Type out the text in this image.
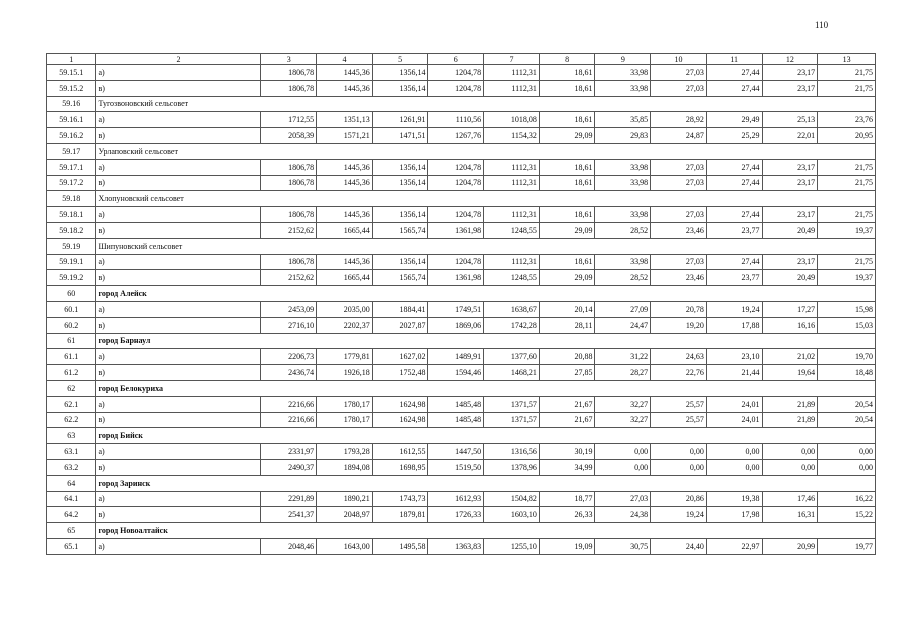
110
1	2	3	4	5	6	7	8	9	10	11	12	13
59.15.1	а)	1806,78	1445,36	1356,14	1204,78	1112,31	18,61	33,98	27,03	27,44	23,17	21,75
59.15.2	в)	1806,78	1445,36	1356,14	1204,78	1112,31	18,61	33,98	27,03	27,44	23,17	21,75
59.16	Тугозвоновский сельсовет											
59.16.1	а)	1712,55	1351,13	1261,91	1110,56	1018,08	18,61	35,85	28,92	29,49	25,13	23,76
59.16.2	в)	2058,39	1571,21	1471,51	1267,76	1154,32	29,09	29,83	24,87	25,29	22,01	20,95
59.17	Урлаповский сельсовет											
59.17.1	а)	1806,78	1445,36	1356,14	1204,78	1112,31	18,61	33,98	27,03	27,44	23,17	21,75
59.17.2	в)	1806,78	1445,36	1356,14	1204,78	1112,31	18,61	33,98	27,03	27,44	23,17	21,75
59.18	Хлопуновский сельсовет											
59.18.1	а)	1806,78	1445,36	1356,14	1204,78	1112,31	18,61	33,98	27,03	27,44	23,17	21,75
59.18.2	в)	2152,62	1665,44	1565,74	1361,98	1248,55	29,09	28,52	23,46	23,77	20,49	19,37
59.19	Шипуновский сельсовет											
59.19.1	а)	1806,78	1445,36	1356,14	1204,78	1112,31	18,61	33,98	27,03	27,44	23,17	21,75
59.19.2	в)	2152,62	1665,44	1565,74	1361,98	1248,55	29,09	28,52	23,46	23,77	20,49	19,37
60	город Алейск											
60.1	а)	2453,09	2035,00	1884,41	1749,51	1638,67	20,14	27,09	20,78	19,24	17,27	15,98
60.2	в)	2716,10	2202,37	2027,87	1869,06	1742,28	28,11	24,47	19,20	17,88	16,16	15,03
61	город Барнаул											
61.1	а)	2206,73	1779,81	1627,02	1489,91	1377,60	20,88	31,22	24,63	23,10	21,02	19,70
61.2	в)	2436,74	1926,18	1752,48	1594,46	1468,21	27,85	28,27	22,76	21,44	19,64	18,48
62	город Белокуриха											
62.1	а)	2216,66	1780,17	1624,98	1485,48	1371,57	21,67	32,27	25,57	24,01	21,89	20,54
62.2	в)	2216,66	1780,17	1624,98	1485,48	1371,57	21,67	32,27	25,57	24,01	21,89	20,54
63	город Бийск											
63.1	а)	2331,97	1793,28	1612,55	1447,50	1316,56	30,19	0,00	0,00	0,00	0,00	0,00
63.2	в)	2490,37	1894,08	1698,95	1519,50	1378,96	34,99	0,00	0,00	0,00	0,00	0,00
64	город Заринск											
64.1	а)	2291,89	1890,21	1743,73	1612,93	1504,82	18,77	27,03	20,86	19,38	17,46	16,22
64.2	в)	2541,37	2048,97	1879,81	1726,33	1603,10	26,33	24,38	19,24	17,98	16,31	15,22
65	город Новоалтайск											
65.1	а)	2048,46	1643,00	1495,58	1363,83	1255,10	19,09	30,75	24,40	22,97	20,99	19,77
